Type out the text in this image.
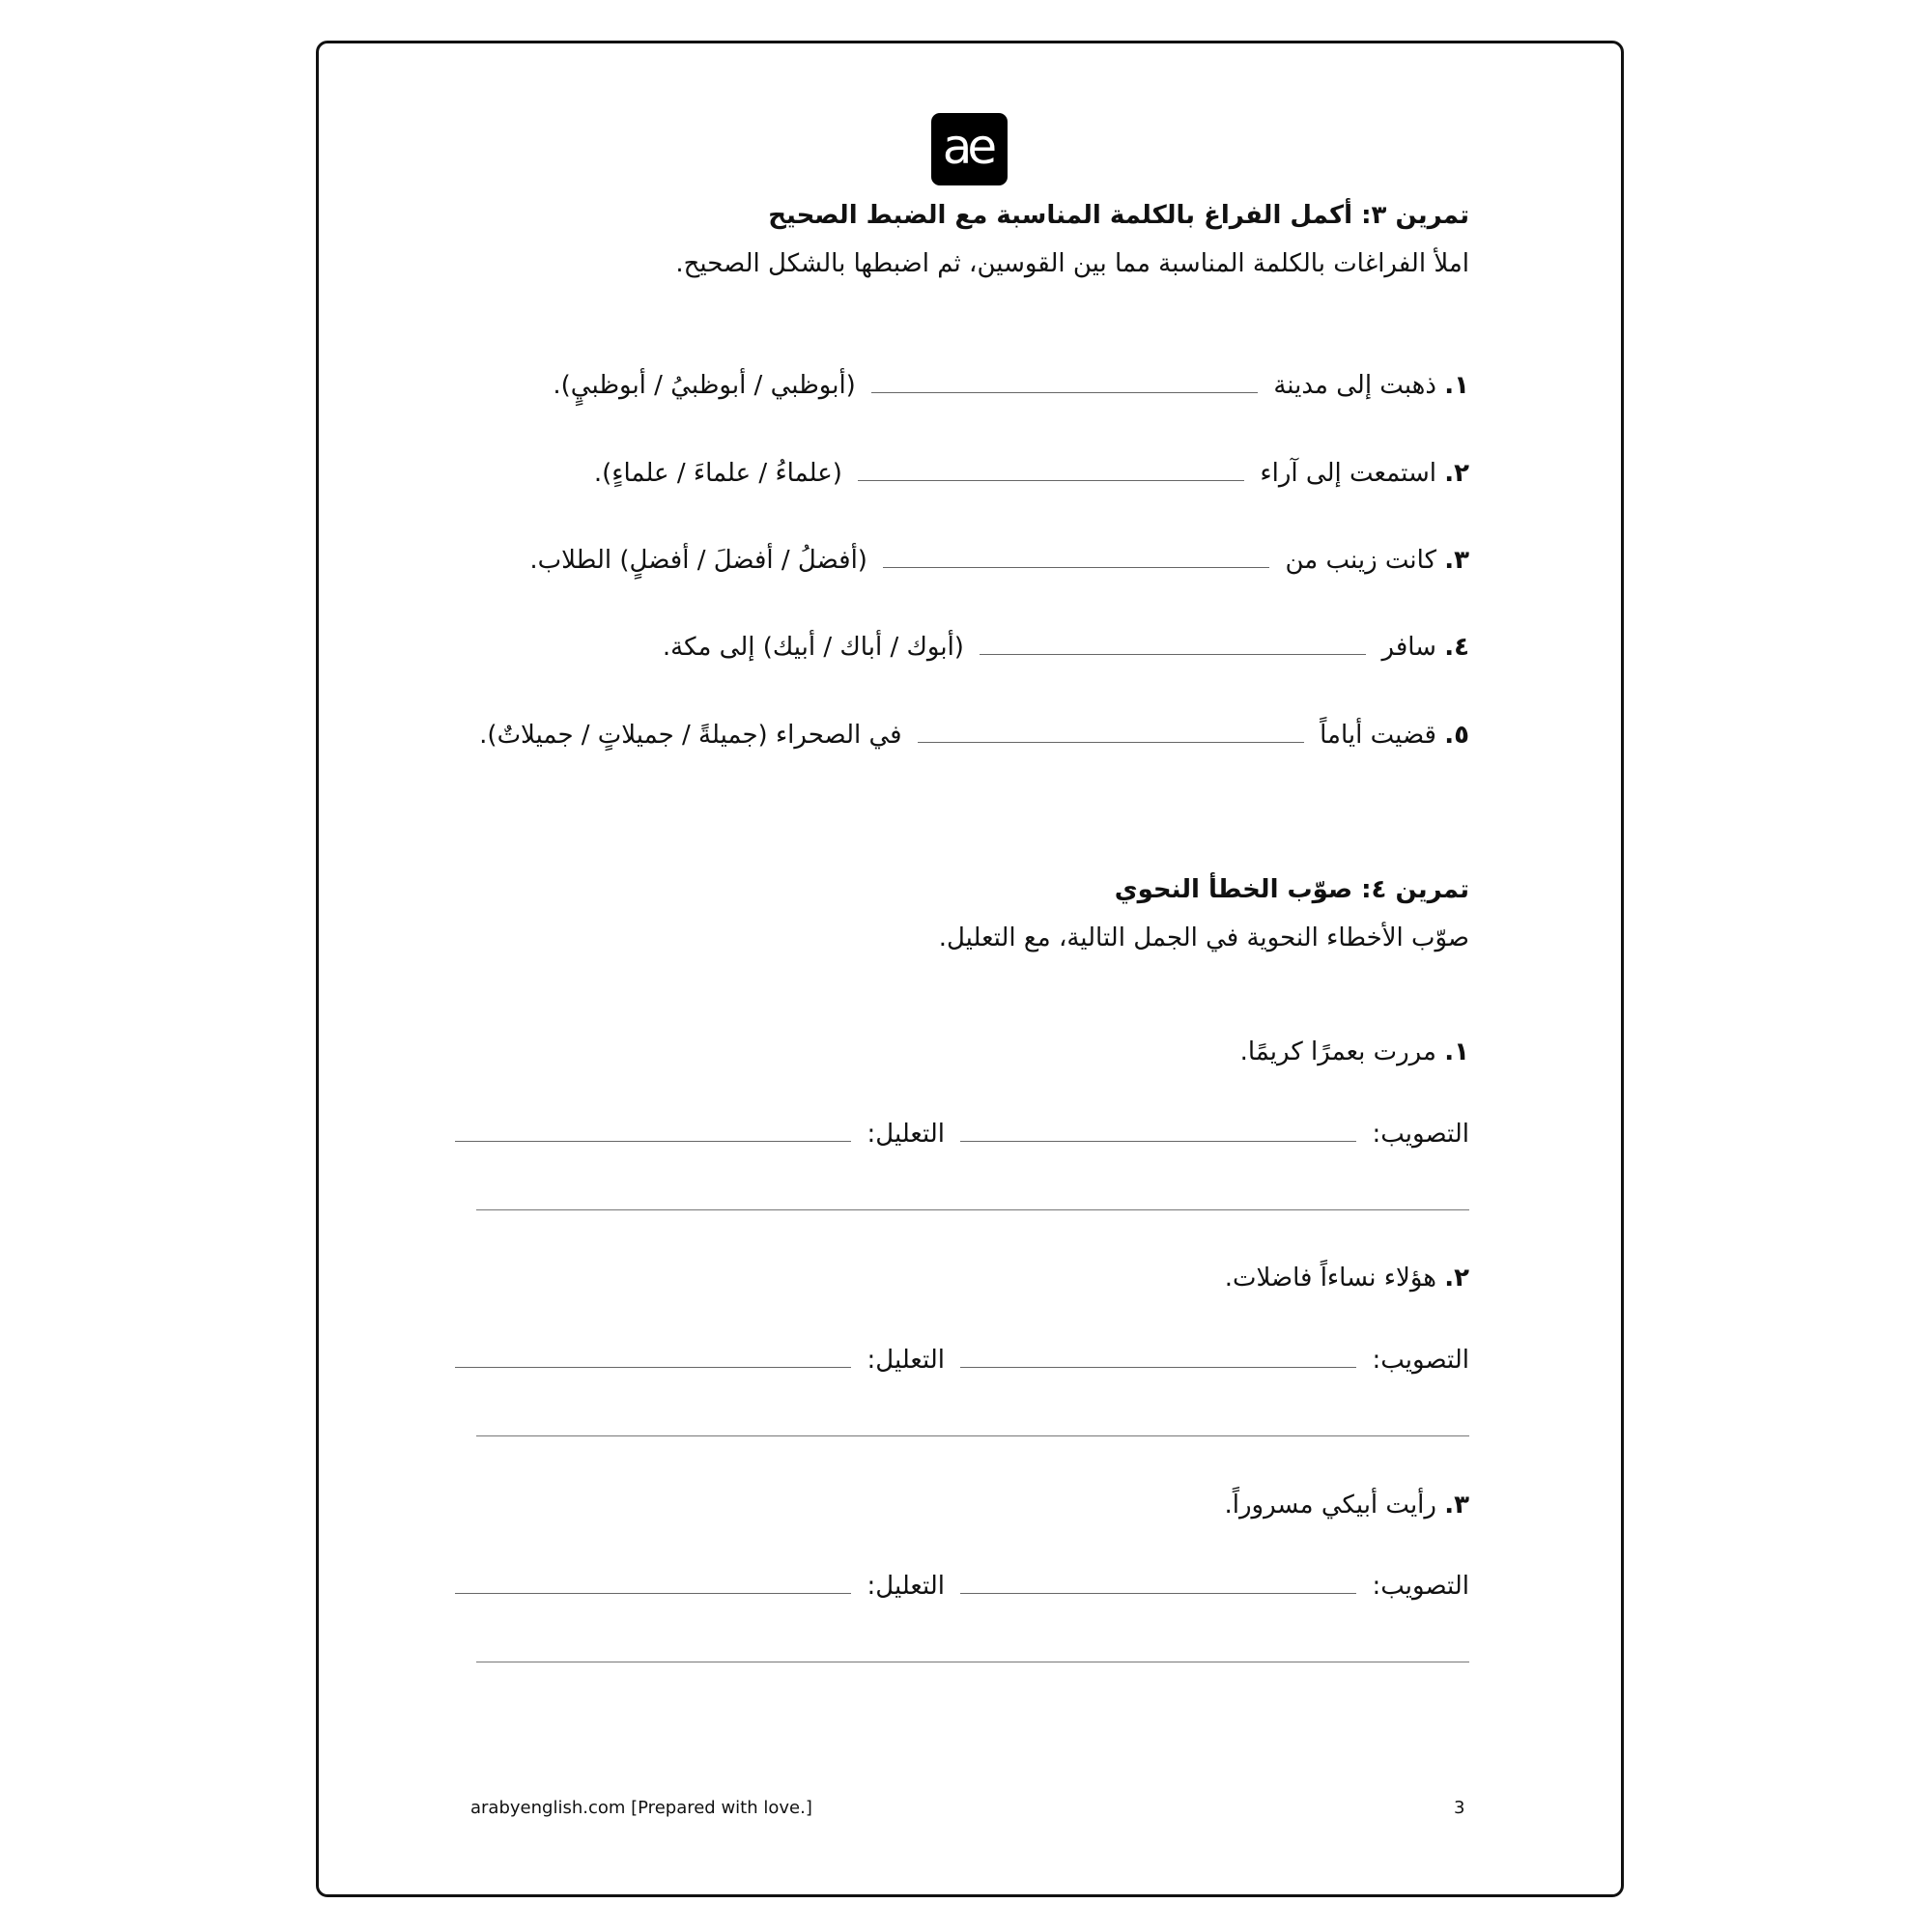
ae
تمرين ٣: أكمل الفراغ بالكلمة المناسبة مع الضبط الصحيح
املأ الفراغات بالكلمة المناسبة مما بين القوسين، ثم اضبطها بالشكل الصحيح.
١. ذهبت إلى مدينة  (أبوظبي / أبوظبيُ / أبوظبيٍ).
٢. استمعت إلى آراء  (علماءُ / علماءَ / علماءٍ).
٣. كانت زينب من  (أفضلُ / أفضلَ / أفضلٍ) الطلاب.
٤. سافر  (أبوك / أباك / أبيك) إلى مكة.
٥. قضيت أياماً  في الصحراء (جميلةً / جميلاتٍ / جميلاتٌ).
تمرين ٤: صوّب الخطأ النحوي
صوّب الأخطاء النحوية في الجمل التالية، مع التعليل.
١. مررت بعمرًا كريمًا.
التصويب:  التعليل:
٢. هؤلاء نساءاً فاضلات.
التصويب:  التعليل:
٣. رأيت أبيكي مسروراً.
التصويب:  التعليل:
arabyenglish.com [Prepared with love.]	3
